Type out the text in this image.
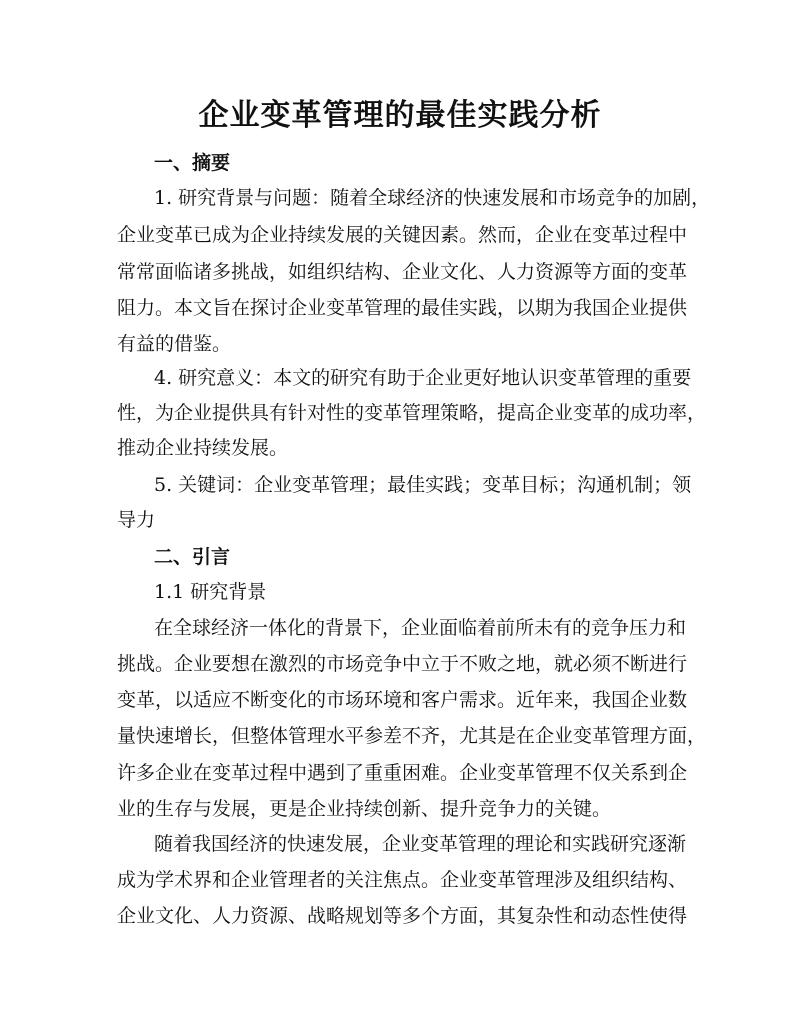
企业变革管理的最佳实践分析
一、摘要
1. 研究背景与问题：随着全球经济的快速发展和市场竞争的加剧，
企业变革已成为企业持续发展的关键因素。然而，企业在变革过程中
常常面临诸多挑战，如组织结构、企业文化、人力资源等方面的变革
阻力。本文旨在探讨企业变革管理的最佳实践，以期为我国企业提供
有益的借鉴。
4. 研究意义：本文的研究有助于企业更好地认识变革管理的重要
性，为企业提供具有针对性的变革管理策略，提高企业变革的成功率，
推动企业持续发展。
5. 关键词：企业变革管理；最佳实践；变革目标；沟通机制；领
导力
二、引言
1.1 研究背景
在全球经济一体化的背景下，企业面临着前所未有的竞争压力和
挑战。企业要想在激烈的市场竞争中立于不败之地，就必须不断进行
变革，以适应不断变化的市场环境和客户需求。近年来，我国企业数
量快速增长，但整体管理水平参差不齐，尤其是在企业变革管理方面，
许多企业在变革过程中遇到了重重困难。企业变革管理不仅关系到企
业的生存与发展，更是企业持续创新、提升竞争力的关键。
随着我国经济的快速发展，企业变革管理的理论和实践研究逐渐
成为学术界和企业管理者的关注焦点。企业变革管理涉及组织结构、
企业文化、人力资源、战略规划等多个方面，其复杂性和动态性使得
